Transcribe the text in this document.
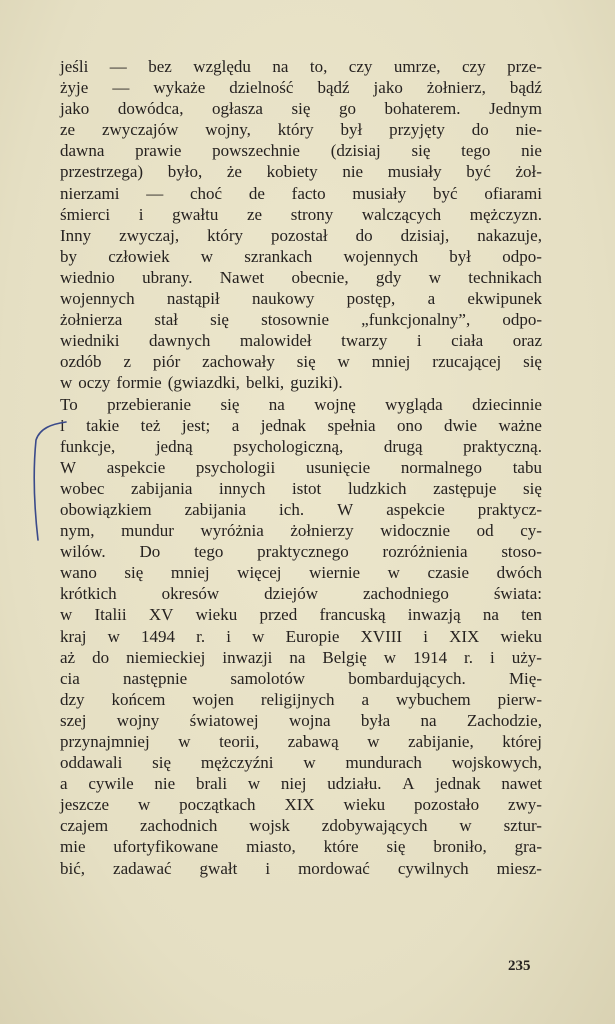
jeśli — bez względu na to, czy umrze, czy prze-
żyje — wykaże dzielność bądź jako żołnierz, bądź
jako dowódca, ogłasza się go bohaterem. Jednym
ze zwyczajów wojny, który był przyjęty do nie-
dawna prawie powszechnie (dzisiaj się tego nie
przestrzega) było, że kobiety nie musiały być żoł-
nierzami — choć de facto musiały być ofiarami
śmierci i gwałtu ze strony walczących mężczyzn.
Inny zwyczaj, który pozostał do dzisiaj, nakazuje,
by człowiek w szrankach wojennych był odpo-
wiednio ubrany. Nawet obecnie, gdy w technikach
wojennych nastąpił naukowy postęp, a ekwipunek
żołnierza stał się stosownie „funkcjonalny”, odpo-
wiedniki dawnych malowideł twarzy i ciała oraz
ozdób z piór zachowały się w mniej rzucającej się
w oczy formie (gwiazdki, belki, guziki).
To przebieranie się na wojnę wygląda dziecinnie
i takie też jest; a jednak spełnia ono dwie ważne
funkcje, jedną psychologiczną, drugą praktyczną.
W aspekcie psychologii usunięcie normalnego tabu
wobec zabijania innych istot ludzkich zastępuje się
obowiązkiem zabijania ich. W aspekcie praktycz-
nym, mundur wyróżnia żołnierzy widocznie od cy-
wilów. Do tego praktycznego rozróżnienia stoso-
wano się mniej więcej wiernie w czasie dwóch
krótkich	okresów	dziejów	zachodniego	świata:
w Italii XV wieku przed francuską inwazją na ten
kraj w 1494 r. i w Europie XVIII i XIX wieku
aż do niemieckiej inwazji na Belgię w 1914 r. i uży-
cia	następnie	samolotów	bombardujących.	Mię-
dzy końcem wojen religijnych a wybuchem pierw-
szej wojny światowej wojna była na Zachodzie,
przynajmniej w teorii, zabawą w zabijanie, której
oddawali się mężczyźni w mundurach wojskowych,
a cywile nie brali w niej udziału. A jednak nawet
jeszcze w początkach XIX wieku pozostało zwy-
czajem zachodnich wojsk zdobywających w sztur-
mie ufortyfikowane miasto, które się broniło, gra-
bić, zadawać gwałt i mordować cywilnych miesz-
235
